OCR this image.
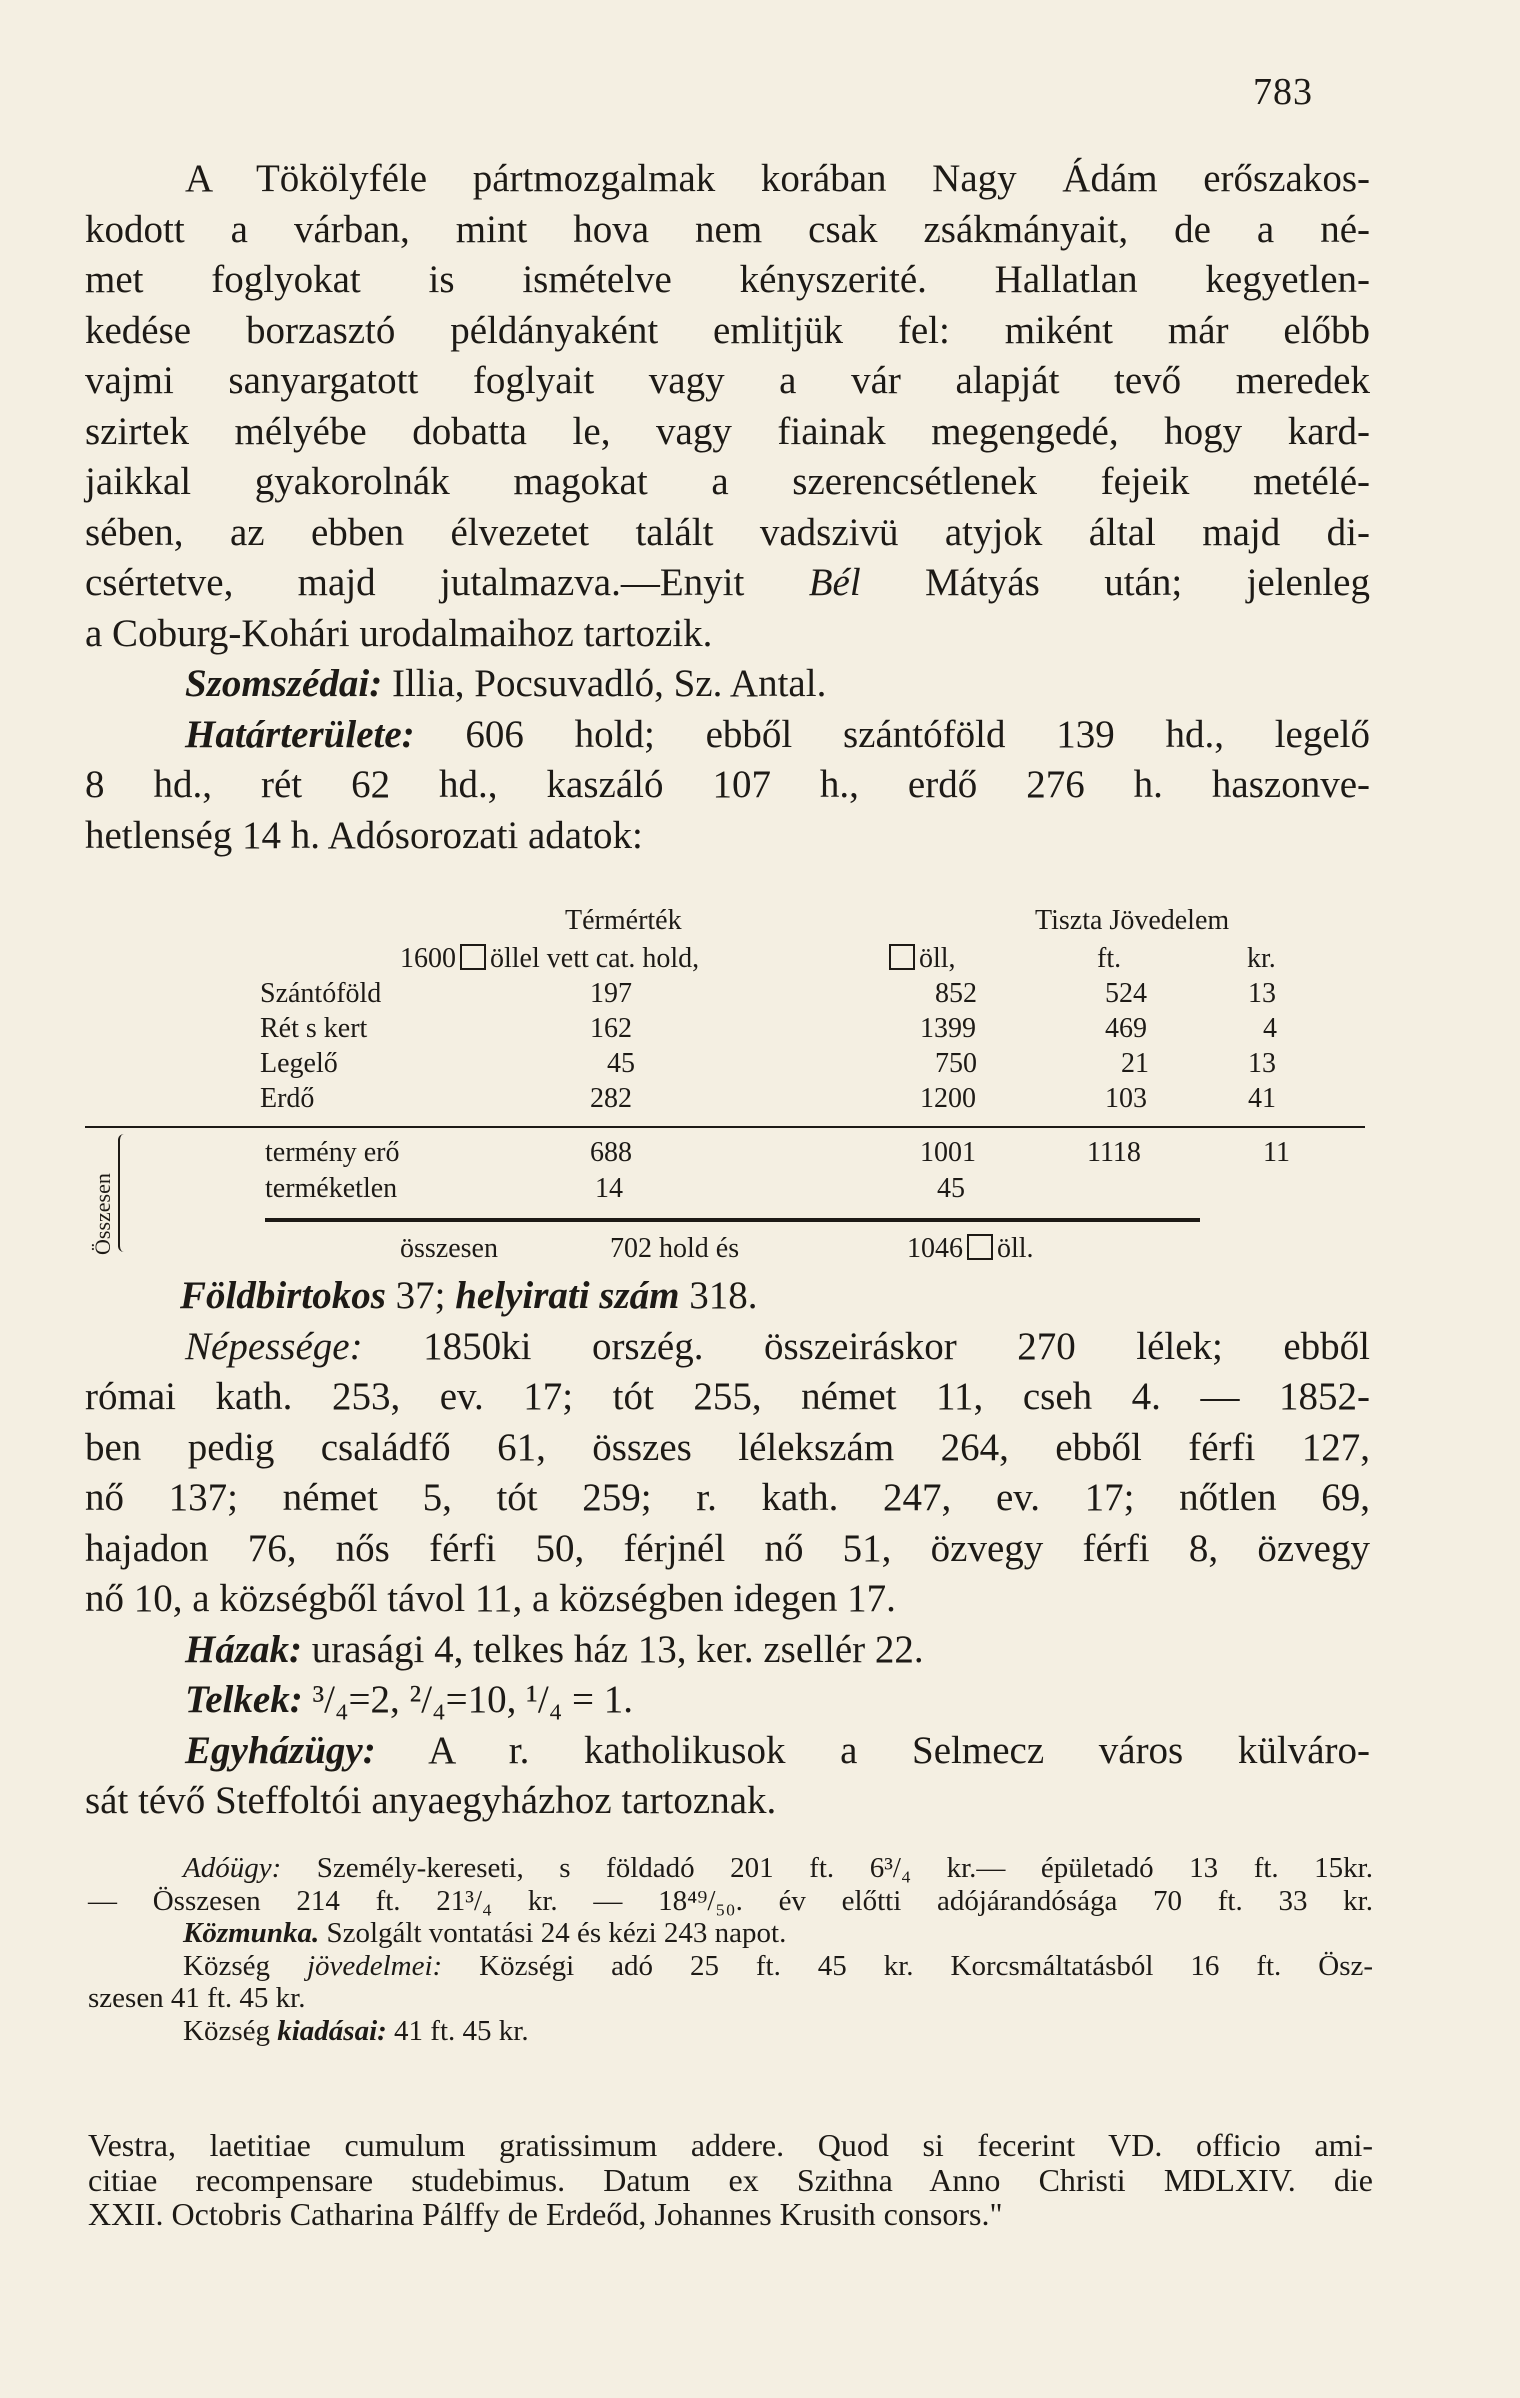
783
A Tökölyféle pártmozgalmak korában Nagy Ádám erőszakos-
kodott a várban, mint hova nem csak zsákmányait, de a né-
met foglyokat is ismételve kényszerité. Hallatlan kegyetlen-
kedése borzasztó példányaként emlitjük fel: miként már előbb
vajmi sanyargatott foglyait vagy a vár alapját tevő meredek
szirtek mélyébe dobatta le, vagy fiainak megengedé, hogy kard-
jaikkal gyakorolnák magokat a szerencsétlenek fejeik metélé-
sében, az ebben élvezetet talált vadszivü atyjok által majd di-
csértetve, majd jutalmazva.—Enyit Bél Mátyás után; jelenleg
a Coburg-Kohári urodalmaihoz tartozik.
Szomszédai: Illia, Pocsuvadló, Sz. Antal.
Határterülete: 606 hold; ebből szántóföld 139 hd., legelő
8 hd., rét 62 hd., kaszáló 107 h., erdő 276 h. haszonve-
hetlenség 14 h. Adósorozati adatok:
Térmérték	Tiszta Jövedelem
1600 öllel vett cat. hold,	öll,	ft.	kr.
Szántóföld	197	852	524	13
Rét s kert	162	1399	469	4
Legelő	45	750	21	13
Erdő	282	1200	103	41
termény erő	688	1001	1118	11
terméketlen	14	45
összesen	702 hold és	1046 öll.
Összesen
Földbirtokos 37; helyirati szám 318.
Népessége: 1850ki orszég. összeiráskor 270 lélek; ebből
római kath. 253, ev. 17; tót 255, német 11, cseh 4. — 1852-
ben pedig családfő 61, összes lélekszám 264, ebből férfi 127,
nő 137; német 5, tót 259; r. kath. 247, ev. 17; nőtlen 69,
hajadon 76, nős férfi 50, férjnél nő 51, özvegy férfi 8, özvegy
nő 10, a községből távol 11, a községben idegen 17.
Házak: urasági 4, telkes ház 13, ker. zsellér 22.
Telkek: ³/₄=2, ²/₄=10, ¹/₄ = 1.
Egyházügy: A r. katholikusok a Selmecz város külváro-
sát tévő Steffoltói anyaegyházhoz tartoznak.
Adóügy: Személy-kereseti, s földadó 201 ft. 6³/₄ kr.— épületadó 13 ft. 15kr.
— Összesen 214 ft. 21³/₄ kr. — 18⁴⁹/₅₀. év előtti adójárandósága 70 ft. 33 kr.
Közmunka. Szolgált vontatási 24 és kézi 243 napot.
Község jövedelmei: Községi adó 25 ft. 45 kr. Korcsmáltatásból 16 ft. Ösz-
szesen 41 ft. 45 kr.
Község kiadásai: 41 ft. 45 kr.
Vestra, laetitiae cumulum gratissimum addere. Quod si fecerint VD. officio ami-
citiae recompensare studebimus. Datum ex Szithna Anno Christi MDLXIV. die
XXII. Octobris Catharina Pálffy de Erdeőd, Johannes Krusith consors."
